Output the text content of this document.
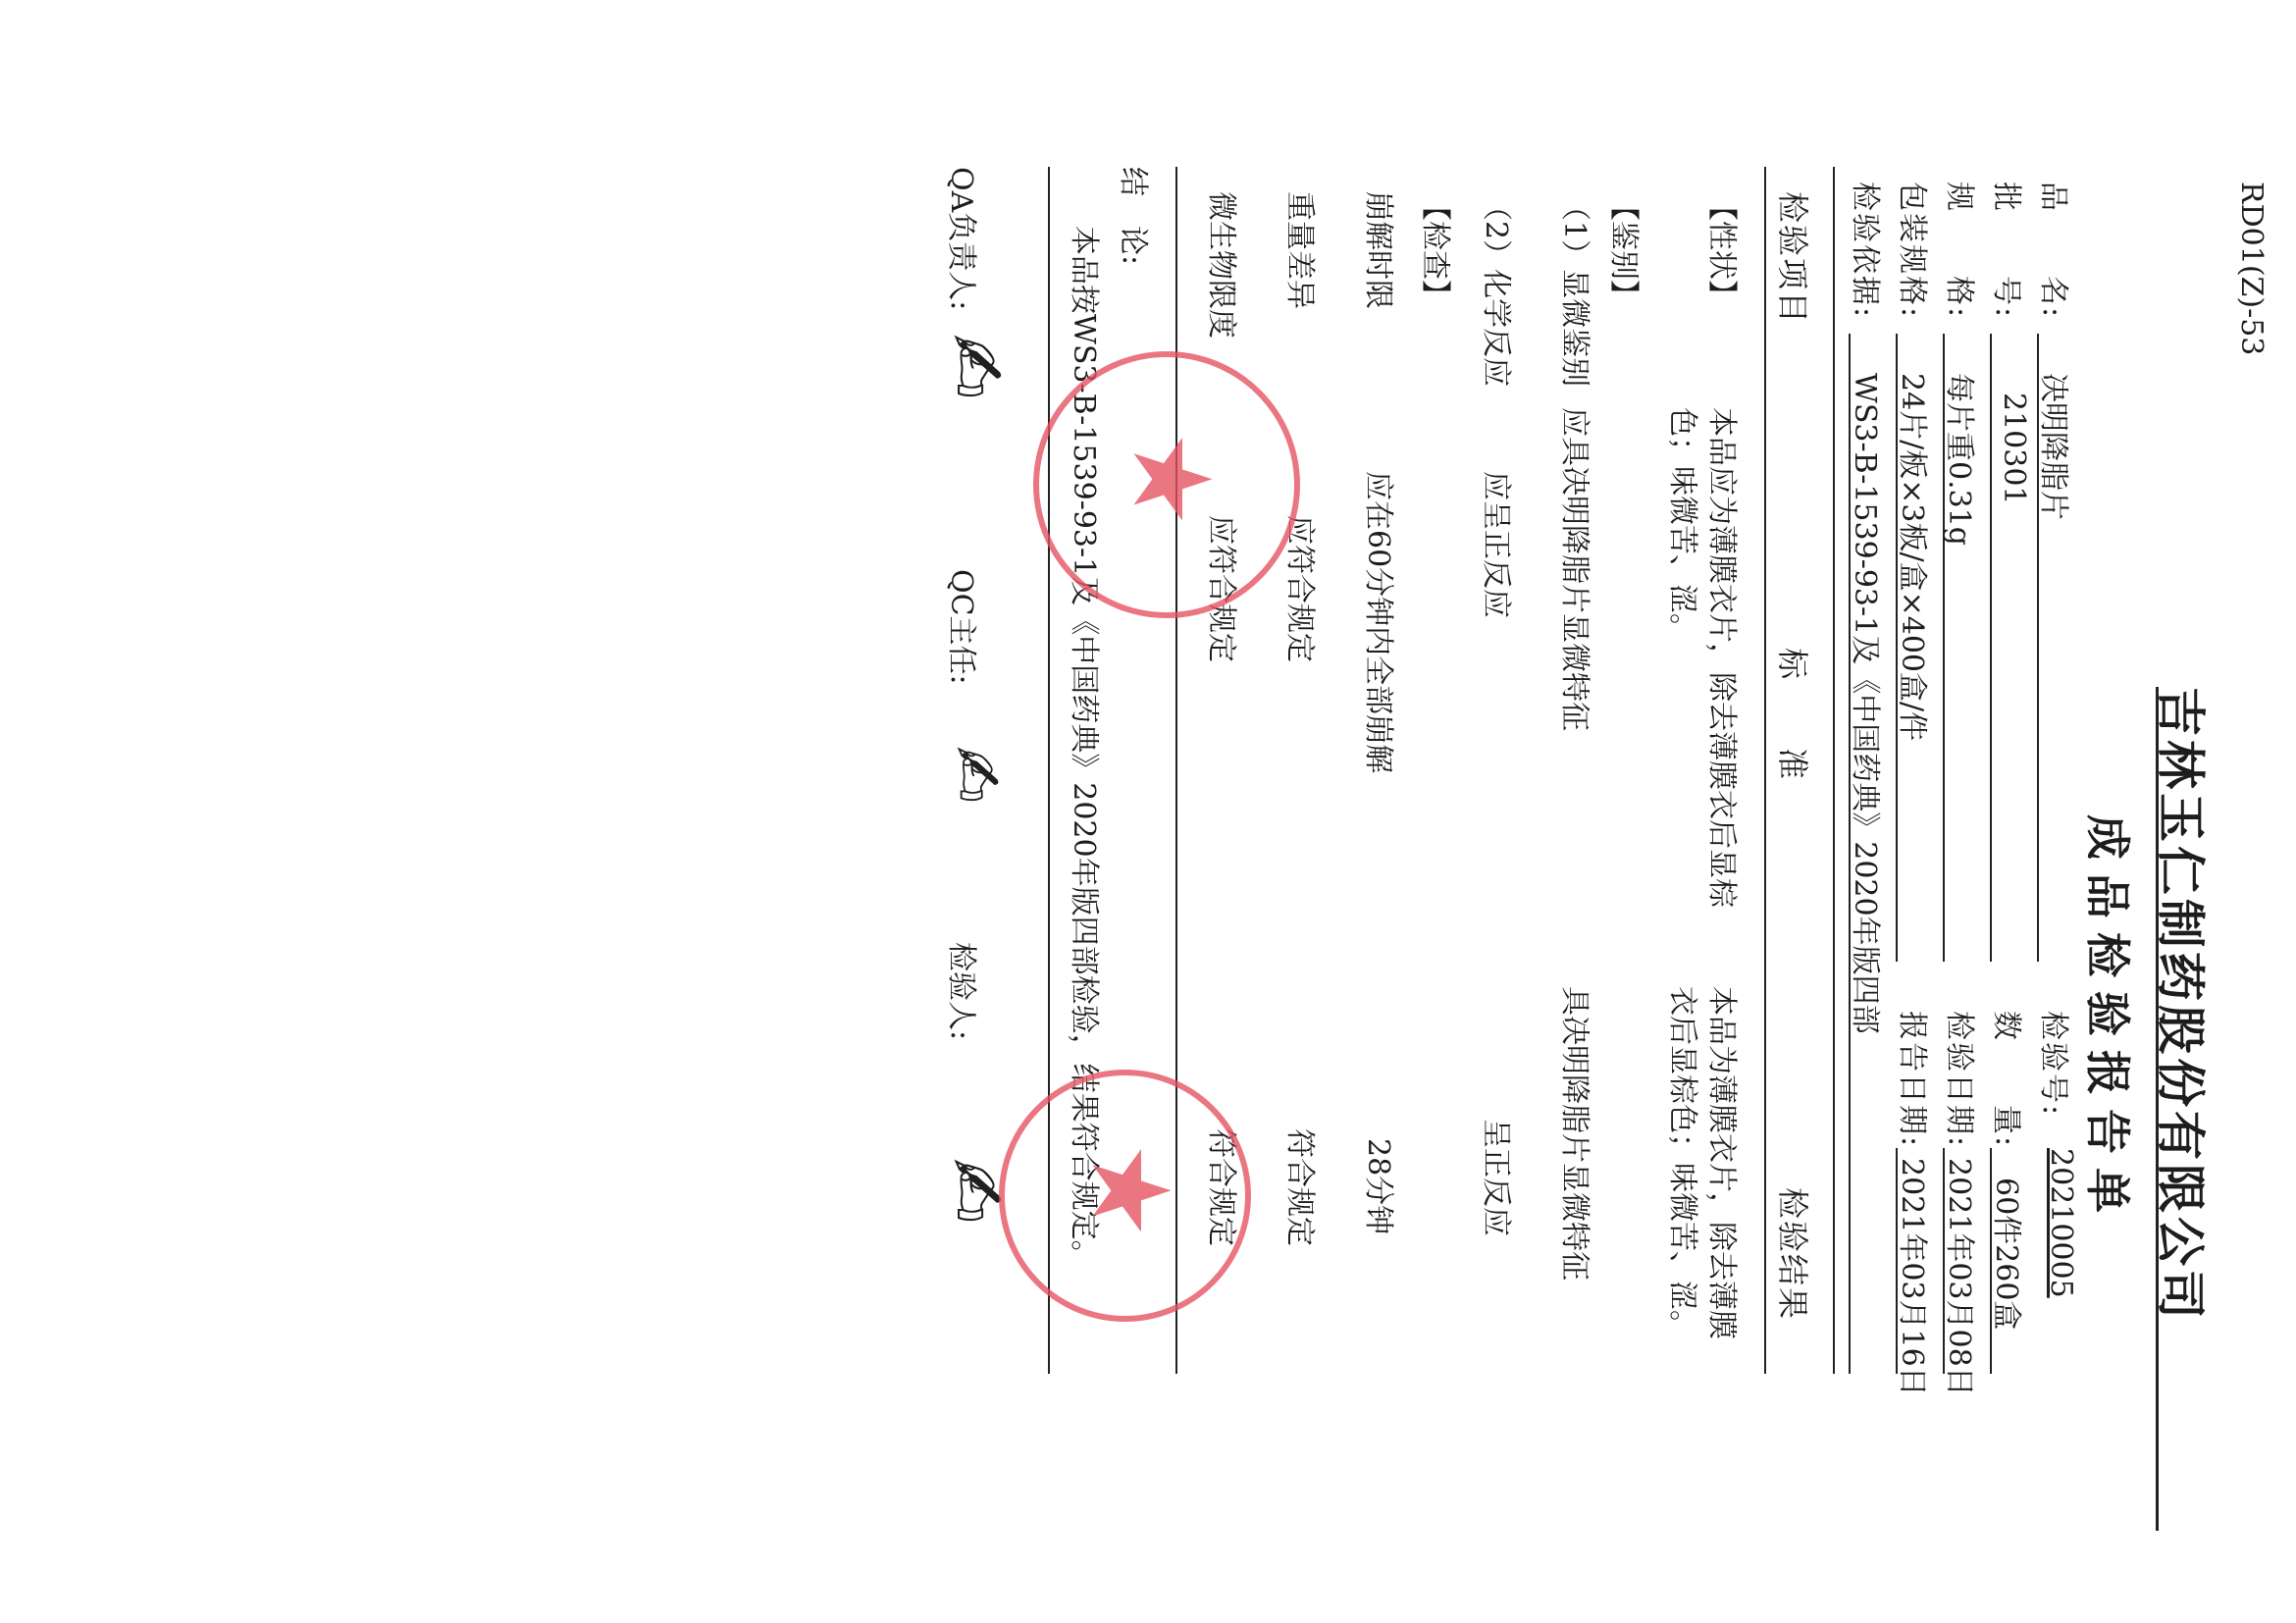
RD01(Z)-53
吉林玉仁制药股份有限公司
成品检验报告单
品　　名:
决明降脂片
批　　号:
210301
规　　格:
每片重0.31g
包装规格:
24片/板×3板/盒×400盒/件
检验依据:
WS3-B-1539-93-1及《中国药典》2020年版四部
检验号:
20210005
数　　量:
60件260盒
检验日期:
2021年03月08日
报告日期:
2021年03月16日
检验项目
标　　准
检验结果
【性状】
本品应为薄膜衣片，除去薄膜衣后显棕
色；味微苦、涩。
本品为薄膜衣片，除去薄膜
衣后显棕色；味微苦、涩。
【鉴别】
（1）显微鉴别
应具决明降脂片显微特征
具决明降脂片显微特征
（2）化学反应
应呈正反应
呈正反应
【检查】
崩解时限
应在60分钟内全部崩解
28分钟
重量差异
应符合规定
符合规定
微生物限度
应符合规定
符合规定
结　论:
本品按WS3-B-1539-93-1及《中国药典》2020年版四部检验，结果符合规定。
QA负责人:
✍
QC主任:
✍
检验人:
✍
★
★
